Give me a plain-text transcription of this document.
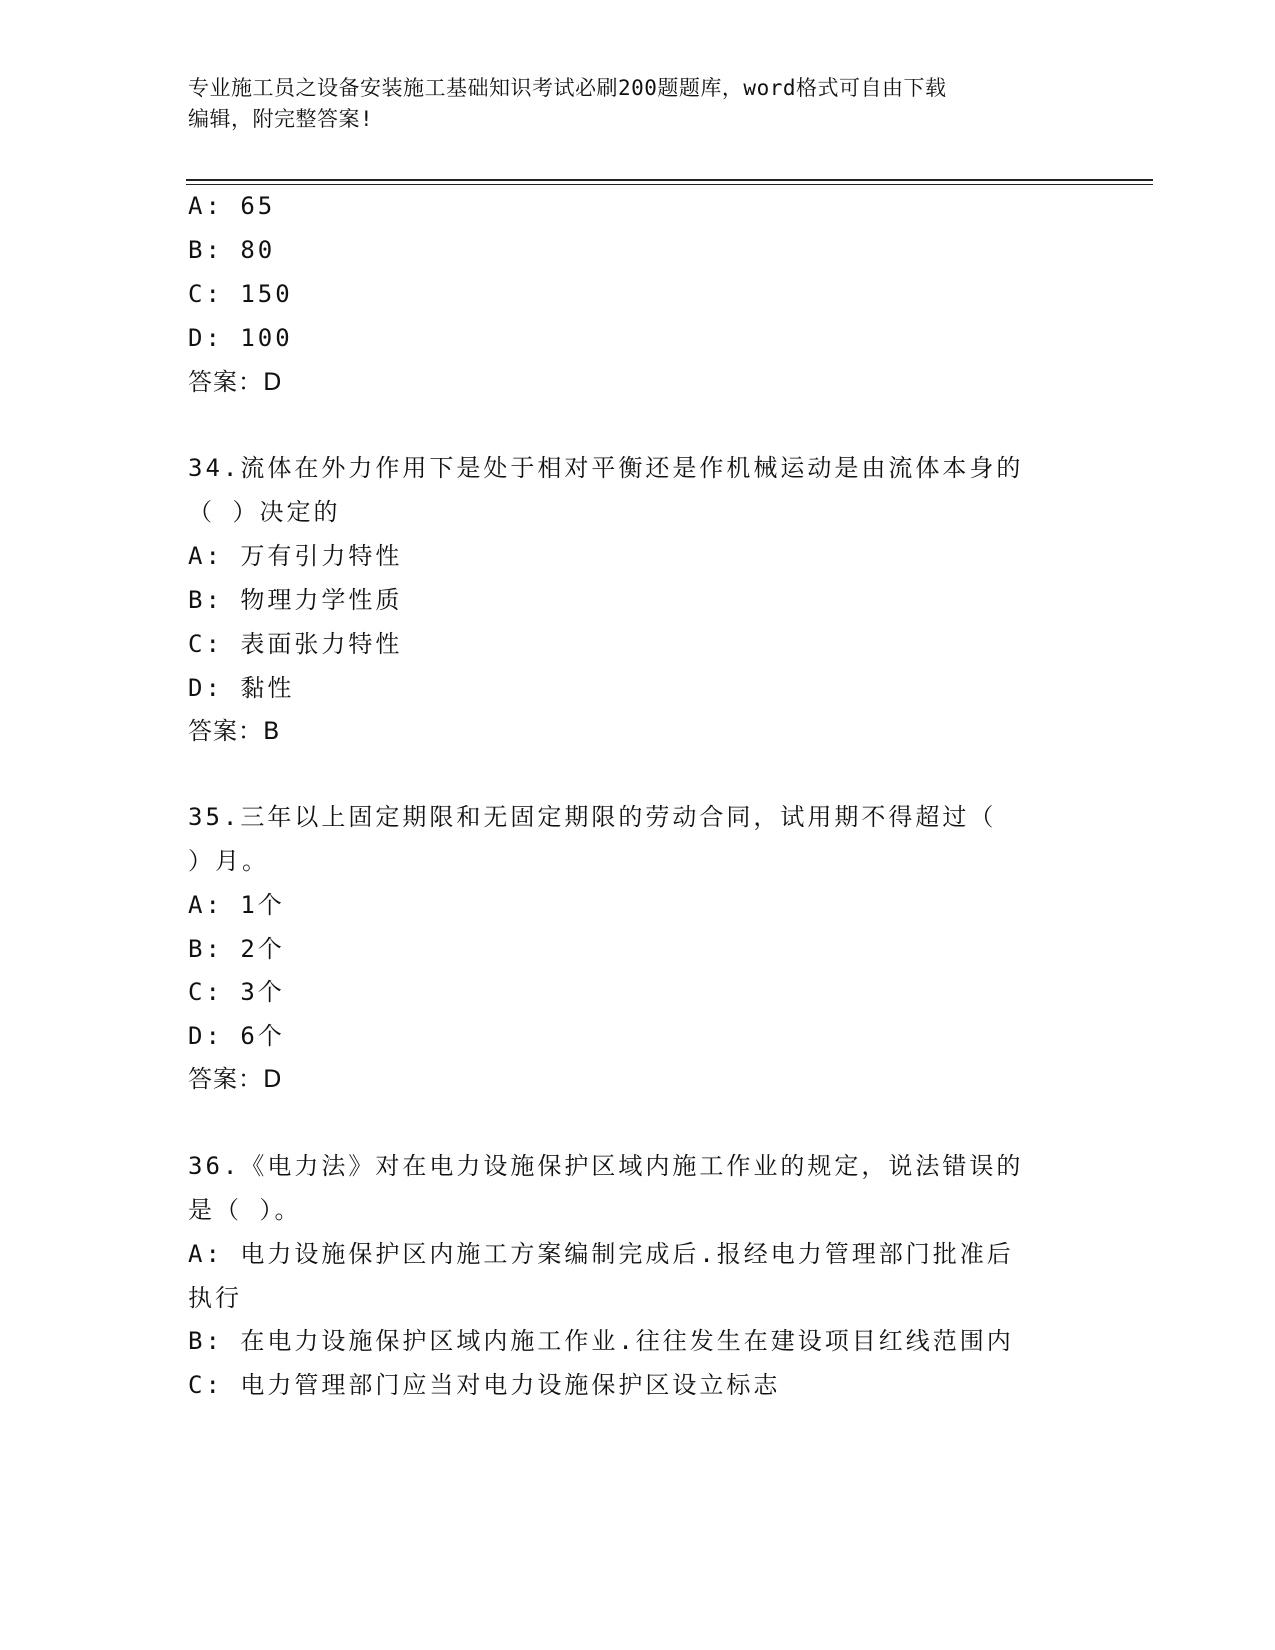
专业施工员之设备安装施工基础知识考试必刷200题题库，word格式可自由下载
编辑，附完整答案!
A: 65
B: 80
C: 150
D: 100
答案：D
34.流体在外力作用下是处于相对平衡还是作机械运动是由流体本身的
（ ）决定的
A: 万有引力特性
B: 物理力学性质
C: 表面张力特性
D: 黏性
答案：B
35.三年以上固定期限和无固定期限的劳动合同，试用期不得超过（
）月。
A: 1个
B: 2个
C: 3个
D: 6个
答案：D
36.《电力法》对在电力设施保护区域内施工作业的规定，说法错误的
是（ ）。
A: 电力设施保护区内施工方案编制完成后.报经电力管理部门批准后
执行
B: 在电力设施保护区域内施工作业.往往发生在建设项目红线范围内
C: 电力管理部门应当对电力设施保护区设立标志
